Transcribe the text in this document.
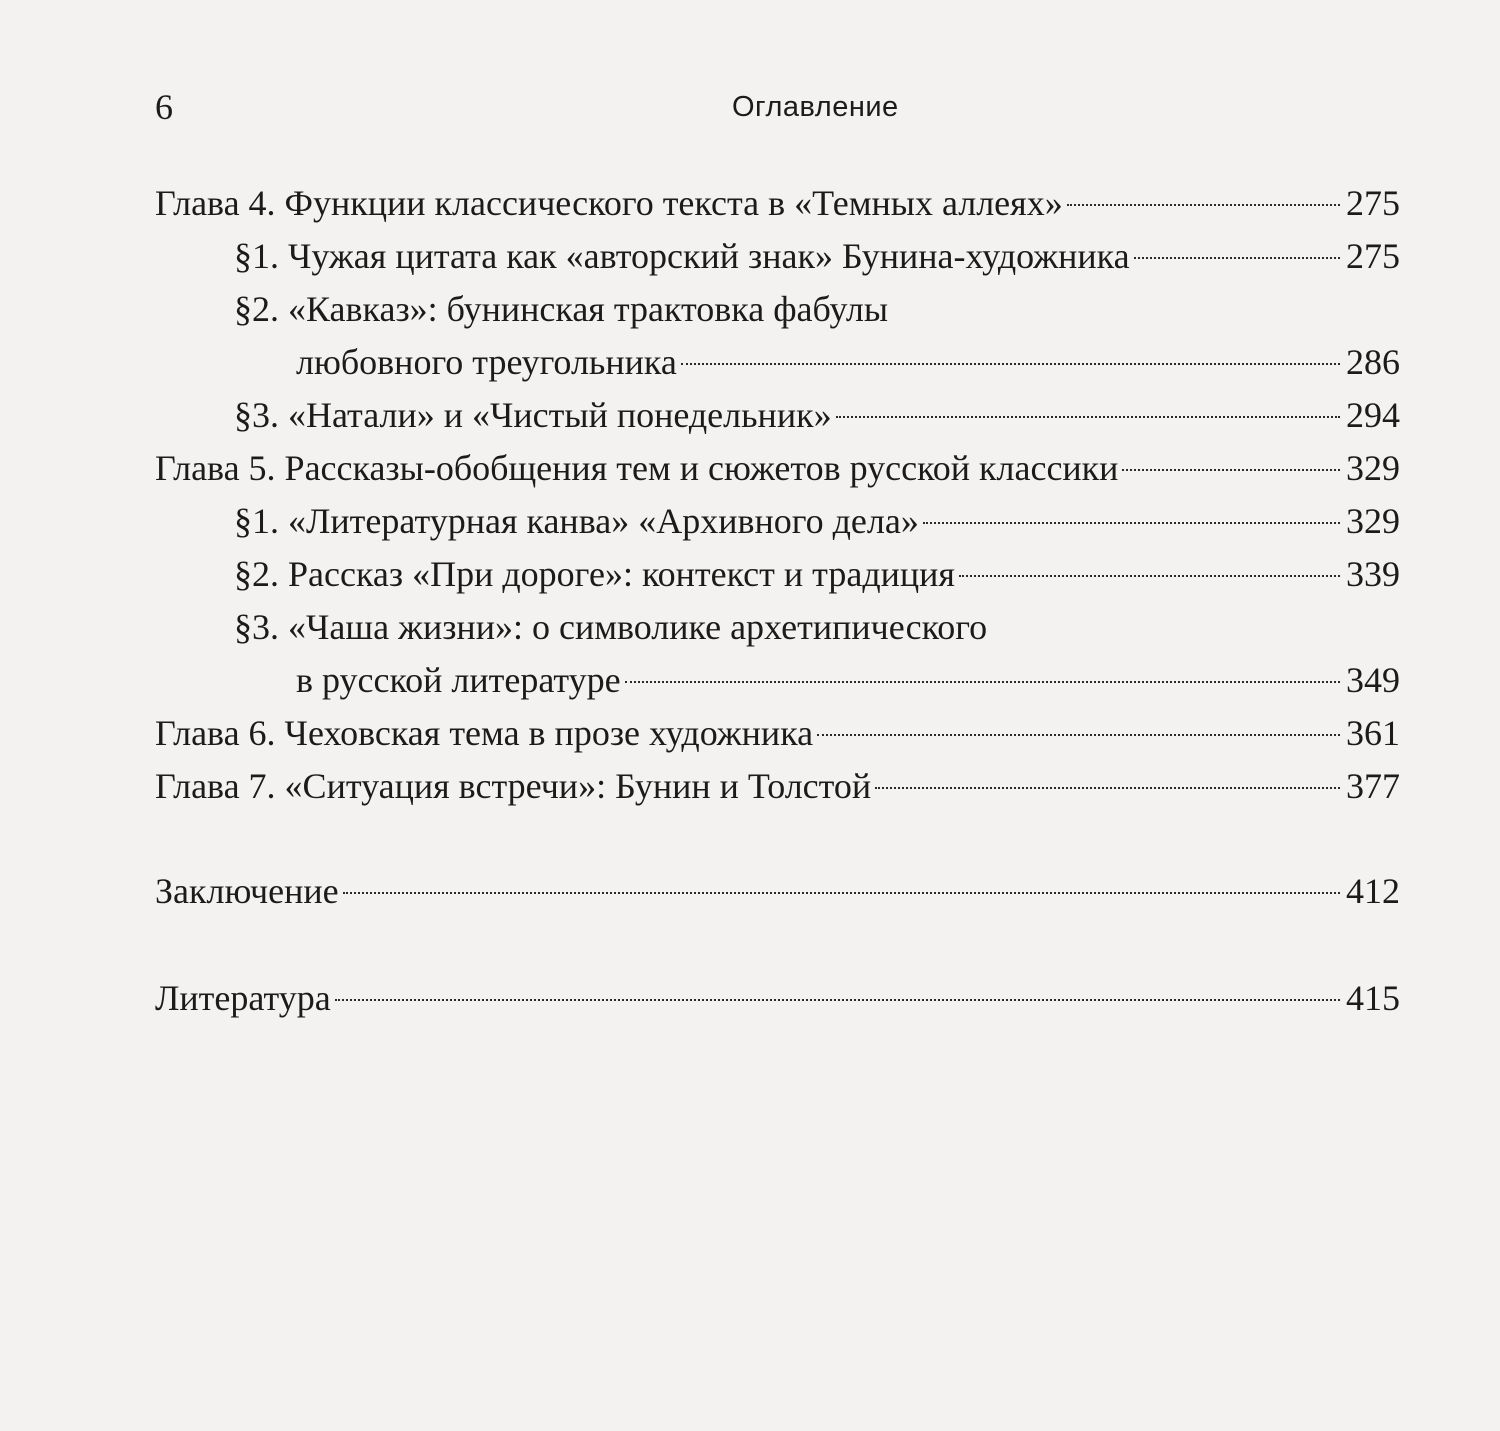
6	Оглавление
Глава 4. Функции классического текста в «Темных аллеях»	275
§1. Чужая цитата как «авторский знак» Бунина-художника	275
§2. «Кавказ»: бунинская трактовка фабулы
любовного треугольника	286
§3. «Натали» и «Чистый понедельник»	294
Глава 5. Рассказы-обобщения тем и сюжетов русской классики	329
§1. «Литературная канва» «Архивного дела»	329
§2. Рассказ «При дороге»: контекст и традиция	339
§3. «Чаша жизни»: о символике архетипического
в русской литературе	349
Глава 6. Чеховская тема в прозе художника	361
Глава 7. «Ситуация встречи»: Бунин и Толстой	377
Заключение	412
Литература	415
